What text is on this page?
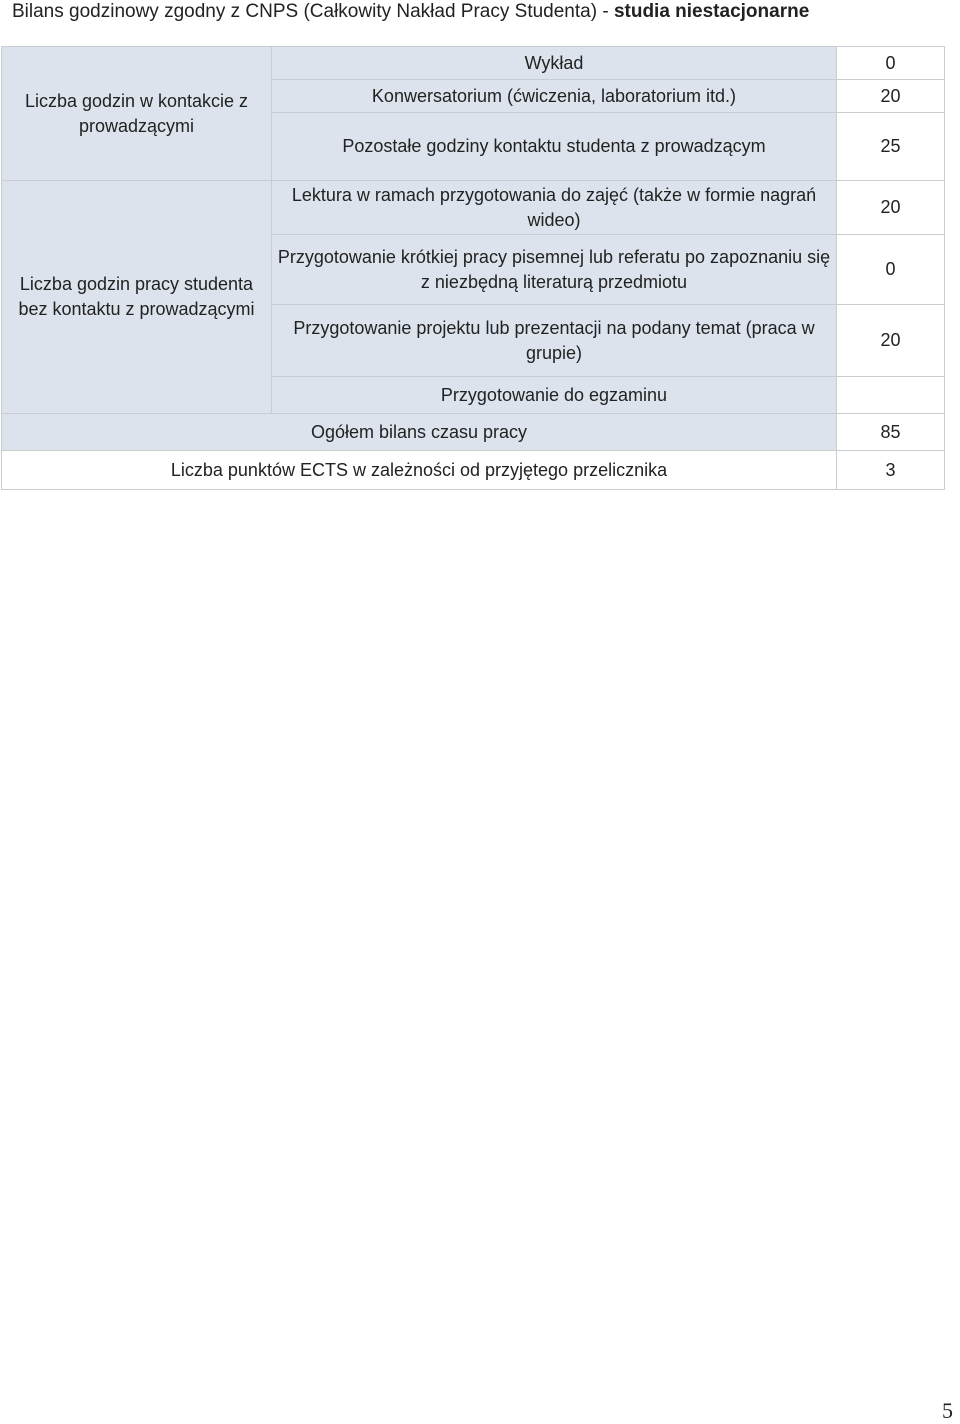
Bilans godzinowy zgodny z CNPS (Całkowity Nakład Pracy Studenta) - studia niestacjonarne
Liczba godzin w kontakcie z prowadzącymi	Wykład	0
	Konwersatorium (ćwiczenia, laboratorium itd.)	20
	Pozostałe godziny kontaktu studenta z prowadzącym	25
Liczba godzin pracy studenta bez kontaktu z prowadzącymi	Lektura w ramach przygotowania do zajęć (także w formie nagrań wideo)	20
	Przygotowanie krótkiej pracy pisemnej lub referatu po zapoznaniu się z niezbędną literaturą przedmiotu	0
	Przygotowanie projektu lub prezentacji na podany temat (praca w grupie)	20
	Przygotowanie do egzaminu	
Ogółem bilans czasu pracy		85
Liczba punktów ECTS w zależności od przyjętego przelicznika		3
5
